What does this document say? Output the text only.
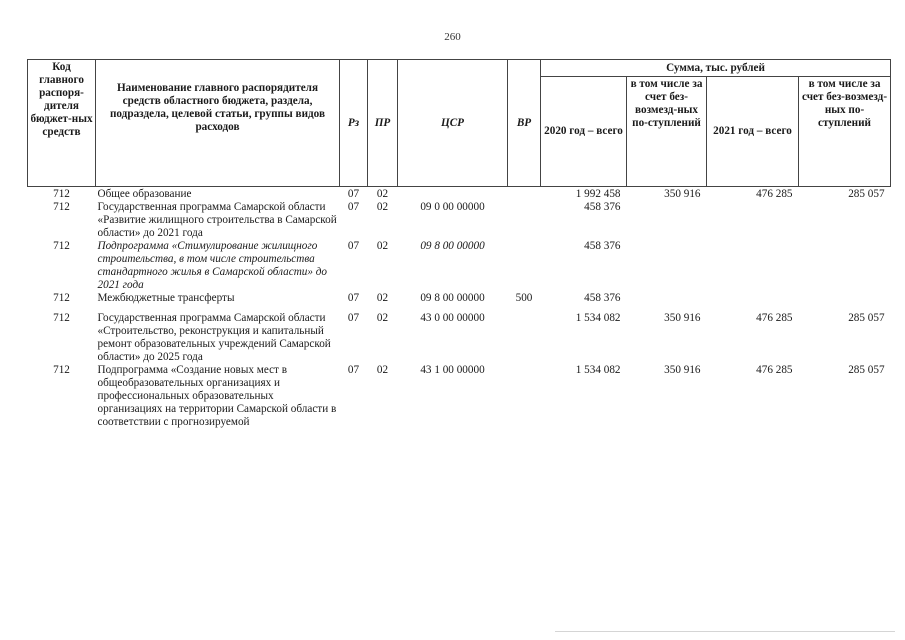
260
Код главного распоря-дителя бюджет-ных средств	Наименование главного распорядителя средств областного бюджета, раздела, подраздела, целевой статьи, группы видов расходов	Рз	ПР	ЦСР	ВР	Сумма, тыс. рублей			
						2020 год – всего	в том числе за счет без-возмезд-ных по-ступлений	2021 год – всего	в том числе за счет без-возмезд-ных по-ступлений
712	Общее образование	07	02			1 992 458	350 916	476 285	285 057
712	Государственная программа Самарской области «Развитие жилищного строительства в Самарской области» до 2021 года	07	02	09 0 00 00000		458 376			
712	Подпрограмма «Стимулирование жилищного строительства, в том числе строительства стандартного жилья в Самарской области» до 2021 года	07	02	09 8 00 00000		458 376			
712	Межбюджетные трансферты	07	02	09 8 00 00000	500	458 376			
712	Государственная программа Самарской области «Строительство, реконструкция и капитальный ремонт образовательных учреждений Самарской области» до 2025 года	07	02	43 0 00 00000		1 534 082	350 916	476 285	285 057
712	Подпрограмма «Создание новых мест в общеобразовательных организациях и профессиональных образовательных организациях на территории Самарской области в соответствии с прогнозируемой	07	02	43 1 00 00000		1 534 082	350 916	476 285	285 057
